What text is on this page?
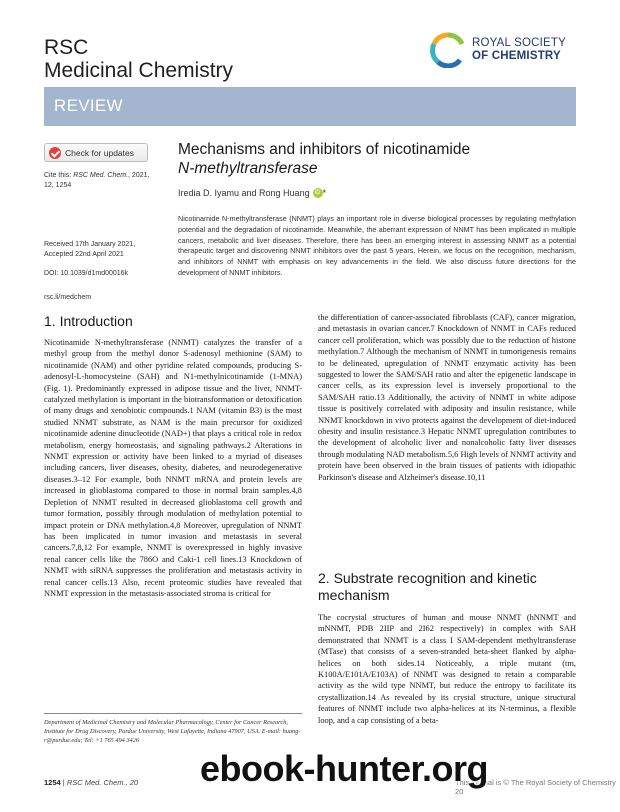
RSC
Medicinal Chemistry
ROYAL SOCIETY
OF CHEMISTRY
REVIEW
Check for updates
Cite this: RSC Med. Chem., 2021, 12, 1254
Received 17th January 2021,
Accepted 22nd April 2021
DOI: 10.1039/d1md00016k
rsc.li/medchem
Mechanisms and inhibitors of nicotinamide
N-methyltransferase
Iredia D. Iyamu and Rong Huang iD *
Nicotinamide N-methyltransferase (NNMT) plays an important role in diverse biological processes by regulating methylation potential and the degradation of nicotinamide. Meanwhile, the aberrant expression of NNMT has been implicated in multiple cancers, metabolic and liver diseases. Therefore, there has been an emerging interest in assessing NNMT as a potential therapeutic target and discovering NNMT inhibitors over the past 5 years. Herein, we focus on the recognition, mechanism, and inhibitors of NNMT with emphasis on key advancements in the field. We also discuss future directions for the development of NNMT inhibitors.
1. Introduction

Nicotinamide N-methyltransferase (NNMT) catalyzes the transfer of a methyl group from the methyl donor S-adenosyl methionine (SAM) to nicotinamide (NAM) and other pyridine related compounds, producing S-adenosyl-L-homocysteine (SAH) and N1-methylnicotinamide (1-MNA) (Fig. 1). Predominantly expressed in adipose tissue and the liver, NNMT-catalyzed methylation is important in the biotransformation or detoxification of many drugs and xenobiotic compounds.1 NAM (vitamin B3) is the most studied NNMT substrate, as NAM is the main precursor for oxidized nicotinamide adenine dinucleotide (NAD+) that plays a critical role in redox metabolism, energy homeostasis, and signaling pathways.2 Alterations in NNMT expression or activity have been linked to a myriad of diseases including cancers, liver diseases, obesity, diabetes, and neurodegenerative diseases.3–12 For example, both NNMT mRNA and protein levels are increased in glioblastoma compared to those in normal brain samples.4,8 Depletion of NNMT resulted in decreased glioblastoma cell growth and tumor formation, possibly through modulation of methylation potential to impact protein or DNA methylation.4,8 Moreover, upregulation of NNMT has been implicated in tumor invasion and metastasis in several cancers.7,8,12 For example, NNMT is overexpressed in highly invasive renal cancer cells like the 786O and Caki-1 cell lines.13 Knockdown of NNMT with siRNA suppresses the proliferation and metastasis activity in renal cancer cells.13 Also, recent proteomic studies have revealed that NNMT expression in the metastasis-associated stroma is critical for

the differentiation of cancer-associated fibroblasts (CAF), cancer migration, and metastasis in ovarian cancer.7 Knockdown of NNMT in CAFs reduced cancer cell proliferation, which was possibly due to the reduction of histone methylation.7 Although the mechanism of NNMT in tumorigenesis remains to be delineated, upregulation of NNMT enzymatic activity has been suggested to lower the SAM/SAH ratio and alter the epigenetic landscape in cancer cells, as its expression level is inversely proportional to the SAM/SAH ratio.13 Additionally, the activity of NNMT in white adipose tissue is positively correlated with adiposity and insulin resistance, while NNMT knockdown in vivo protects against the development of diet-induced obesity and insulin resistance.3 Hepatic NNMT upregulation contributes to the development of alcoholic liver and nonalcoholic fatty liver diseases through modulating NAD metabolism.5,6 High levels of NNMT activity and protein have been observed in the brain tissues of patients with idiopathic Parkinson's disease and Alzheimer's disease.10,11

2. Substrate recognition and kinetic
mechanism

The cocrystal structures of human and mouse NNMT (hNNMT and mNNMT, PDB 2IIP and 2I62 respectively) in complex with SAH demonstrated that NNMT is a class I SAM-dependent methyltransferase (MTase) that consists of a seven-stranded beta-sheet flanked by alpha-helices on both sides.14 Noticeably, a triple mutant (tm, K100A/E101A/E103A) of NNMT was designed to retain a comparable activity as the wild type NNMT, but reduce the entropy to facilitate its crystallization.14 As revealed by its crystal structure, unique structural features of NNMT include two alpha-helices at its N-terminus, a flexible loop, and a cap consisting of a beta-

Department of Medicinal Chemistry and Molecular Pharmacology, Center for Cancer Research, Institute for Drug Discovery, Purdue University, West Lafayette, Indiana 47907, USA. E-mail: huang-r@purdue.edu; Tel: +1 765 494 3426
1254 | RSC Med. Chem., 20	This journal is © The Royal Society of Chemistry 20
ebook-hunter.org
